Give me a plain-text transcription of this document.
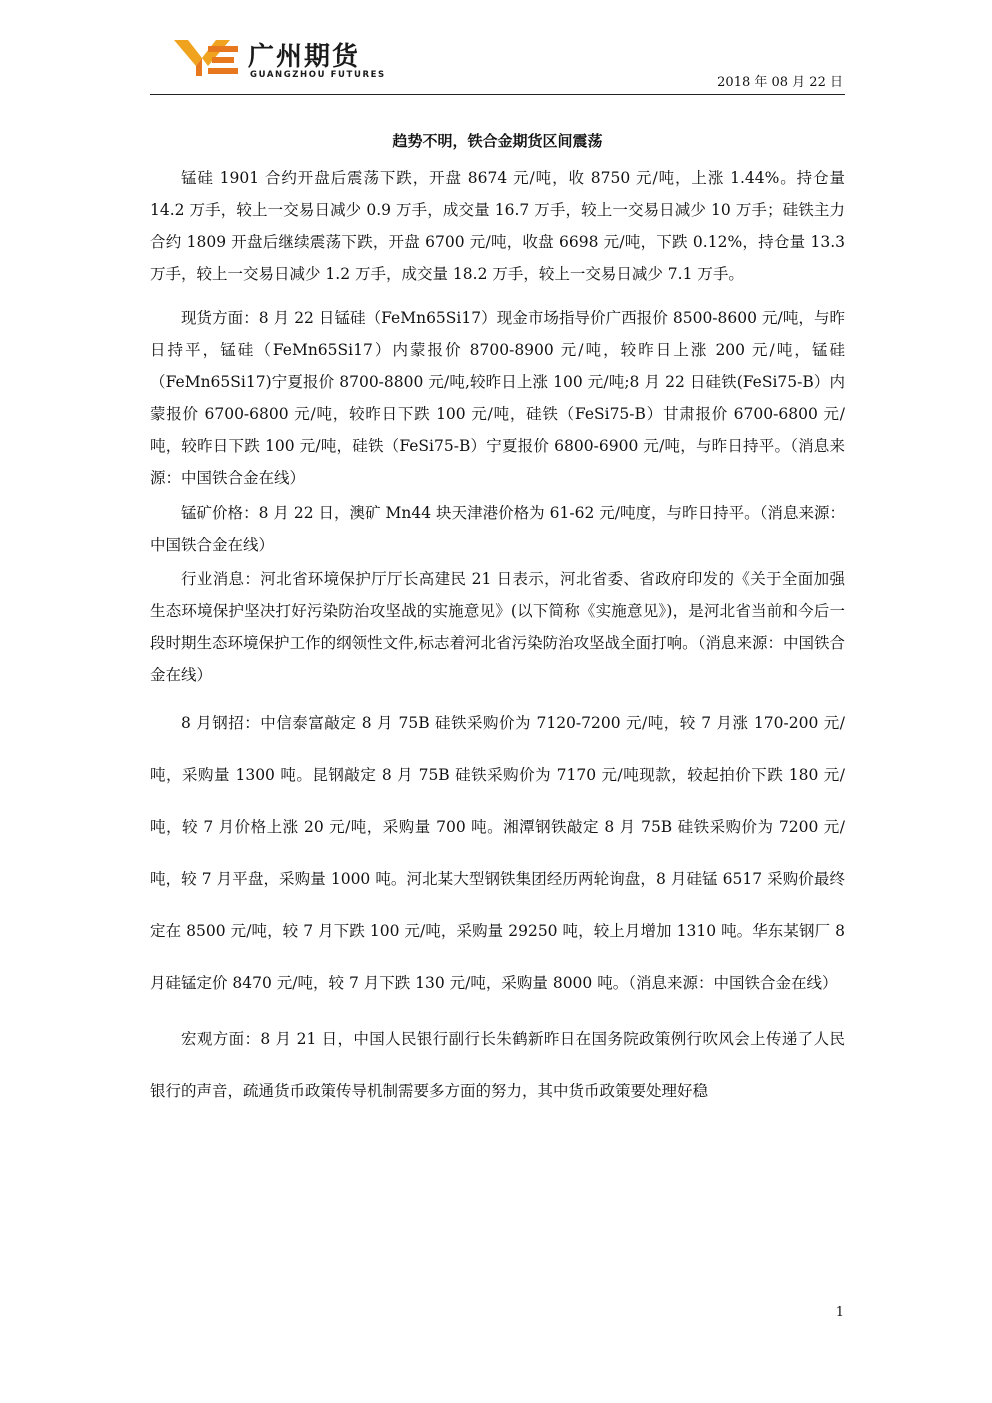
广州期货
GUANGZHOU FUTURES	2018 年 08 月 22 日
趋势不明，铁合金期货区间震荡

锰硅 1901 合约开盘后震荡下跌，开盘 8674 元/吨，收 8750 元/吨，上涨 1.44%。持仓量 14.2 万手，较上一交易日减少 0.9 万手，成交量 16.7 万手，较上一交易日减少 10 万手；硅铁主力合约 1809 开盘后继续震荡下跌，开盘 6700 元/吨，收盘 6698 元/吨，下跌 0.12%，持仓量 13.3 万手，较上一交易日减少 1.2 万手，成交量 18.2 万手，较上一交易日减少 7.1 万手。

现货方面：8 月 22 日锰硅（FeMn65Si17）现金市场指导价广西报价 8500-8600 元/吨，与昨日持平，锰硅（FeMn65Si17）内蒙报价 8700-8900 元/吨，较昨日上涨 200 元/吨，锰硅（FeMn65Si17)宁夏报价 8700-8800 元/吨,较昨日上涨 100 元/吨;8 月 22 日硅铁(FeSi75-B）内蒙报价 6700-6800 元/吨，较昨日下跌 100 元/吨，硅铁（FeSi75-B）甘肃报价 6700-6800 元/吨，较昨日下跌 100 元/吨，硅铁（FeSi75-B）宁夏报价 6800-6900 元/吨，与昨日持平。（消息来源：中国铁合金在线）

锰矿价格：8 月 22 日，澳矿 Mn44 块天津港价格为 61-62 元/吨度，与昨日持平。（消息来源：中国铁合金在线）

行业消息：河北省环境保护厅厅长高建民 21 日表示，河北省委、省政府印发的《关于全面加强生态环境保护坚决打好污染防治攻坚战的实施意见》(以下简称《实施意见》)，是河北省当前和今后一段时期生态环境保护工作的纲领性文件,标志着河北省污染防治攻坚战全面打响。（消息来源：中国铁合金在线）

8 月钢招：中信泰富敲定 8 月 75B 硅铁采购价为 7120-7200 元/吨，较 7 月涨 170-200 元/吨，采购量 1300 吨。昆钢敲定 8 月 75B 硅铁采购价为 7170 元/吨现款，较起拍价下跌 180 元/吨，较 7 月价格上涨 20 元/吨，采购量 700 吨。湘潭钢铁敲定 8 月 75B 硅铁采购价为 7200 元/吨，较 7 月平盘，采购量 1000 吨。河北某大型钢铁集团经历两轮询盘，8 月硅锰 6517 采购价最终定在 8500 元/吨，较 7 月下跌 100 元/吨，采购量 29250 吨，较上月增加 1310 吨。华东某钢厂 8 月硅锰定价 8470 元/吨，较 7 月下跌 130 元/吨，采购量 8000 吨。（消息来源：中国铁合金在线）

宏观方面：8 月 21 日，中国人民银行副行长朱鹤新昨日在国务院政策例行吹风会上传递了人民银行的声音，疏通货币政策传导机制需要多方面的努力，其中货币政策要处理好稳

1
